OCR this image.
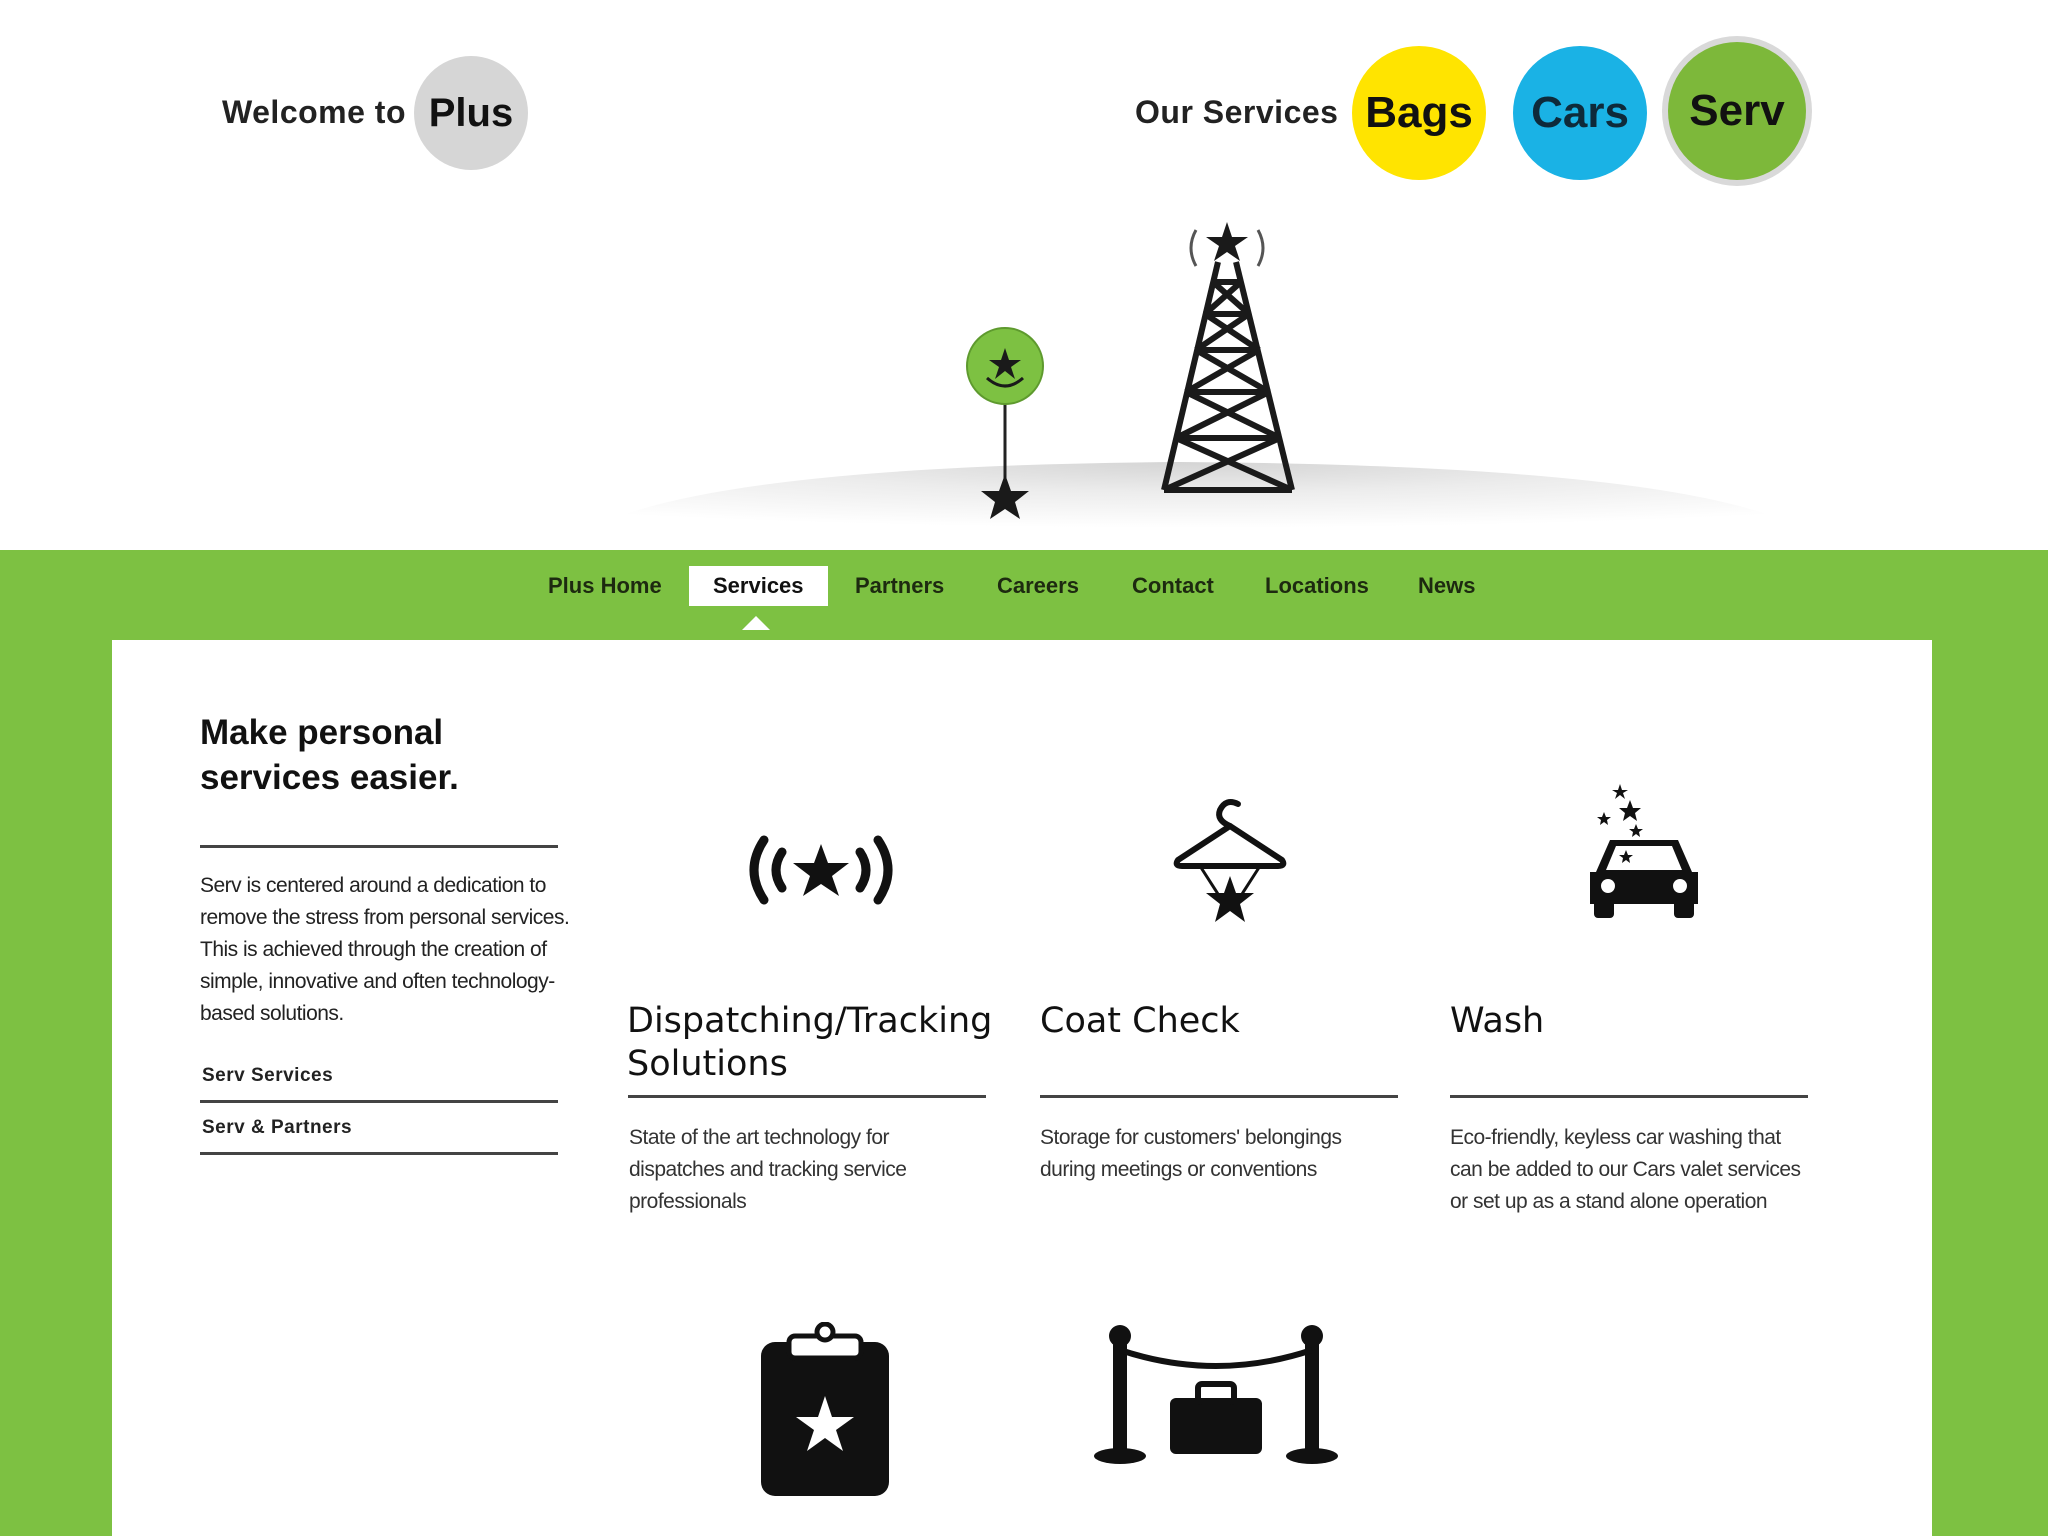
Welcome to Plus	Our Services Bags	Cars	Serv
Plus Home	Services	Partners Careers Contact Locations News
Make personal services easier.
Serv is centered around a dedication to remove the stress from personal services. This is achieved through the creation of simple, innovative and often technology-based solutions.
Serv Services
Serv & Partners
Dispatching/Tracking Solutions
State of the art technology for dispatches and tracking service professionals
Coat Check
Storage for customers' belongings during meetings or conventions
Wash
Eco-friendly, keyless car washing that can be added to our Cars valet services or set up as a stand alone operation
